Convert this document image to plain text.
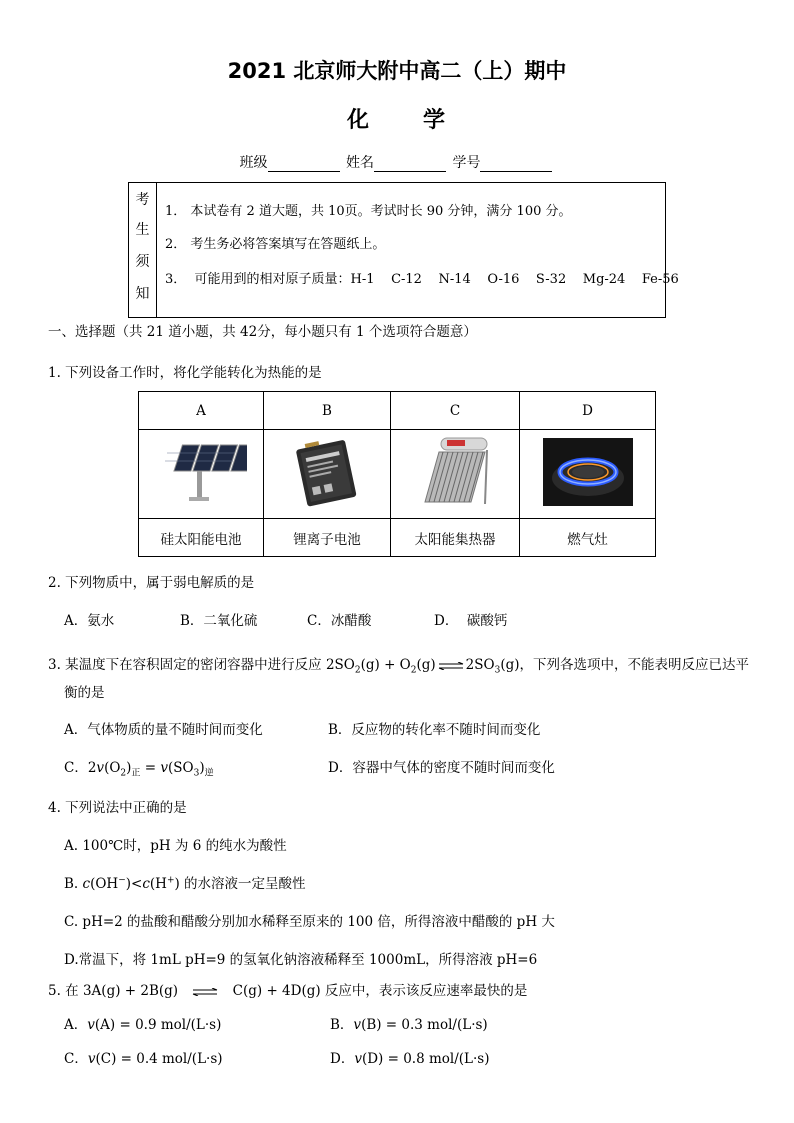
2021 北京师大附中高二（上）期中
化 学
班级	姓名	学号
考
生
须
知
1． 本试卷有 2 道大题，共 10页。考试时长 90 分钟，满分 100 分。
2． 考生务必将答案填写在答题纸上。
3．  可能用到的相对原子质量：H-1    C-12    N-14    O-16    S-32    Mg-24    Fe-56
一、选择题（共 21 道小题，共 42分，每小题只有 1 个选项符合题意）
1. 下列设备工作时，将化学能转化为热能的是
A	B	C	D

硅太阳能电池	锂离子电池	太阳能集热器	燃气灶
2. 下列物质中，属于弱电解质的是
A．氨水	B．二氧化硫	C．冰醋酸	D．  碳酸钙
3. 某温度下在容积固定的密闭容器中进行反应 $2SO_2(g) + O_2(g)$ ⇌ $2SO_3(g)$，下列各选项中，不能表明反应已达平
衡的是
A．气体物质的量不随时间而变化	B．反应物的转化率不随时间而变化
C．$2v(O_2)_正 = v(SO_3)_逆$	D．容器中气体的密度不随时间而变化
4. 下列说法中正确的是
A. 100℃时，pH 为 6 的纯水为酸性
B. c(OH−)<c(H+) 的水溶液一定呈酸性
C. pH=2 的盐酸和醋酸分别加水稀释至原来的 100 倍，所得溶液中醋酸的 pH 大
D.常温下，将 1mL pH=9 的氢氧化钠溶液稀释至 1000mL，所得溶液 pH=6
5. 在 3A(g) + 2B(g) ⇌ C(g) + 4D(g) 反应中，表示该反应速率最快的是
A．v(A) = 0.9 mol/(L·s)	B．v(B) = 0.3 mol/(L·s)
C．v(C) = 0.4 mol/(L·s)	D．v(D) = 0.8 mol/(L·s)
